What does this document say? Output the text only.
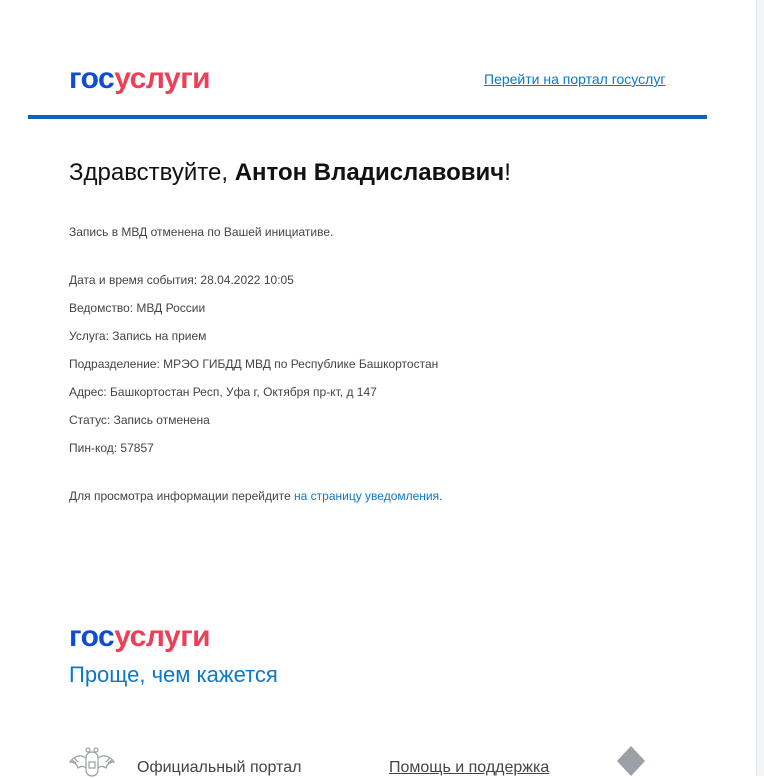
госуслуги	Перейти на портал госуслуг
Здравствуйте, Антон Владиславович!
Запись в МВД отменена по Вашей инициативе.
Дата и время события: 28.04.2022 10:05
Ведомство: МВД России
Услуга: Запись на прием
Подразделение: МРЭО ГИБДД МВД по Республике Башкортостан
Адрес: Башкортостан Респ, Уфа г, Октября пр-кт, д 147
Статус: Запись отменена
Пин-код: 57857
Для просмотра информации перейдите на страницу уведомления.
госуслуги
Проще, чем кажется
Официальный портал	Помощь и поддержка
